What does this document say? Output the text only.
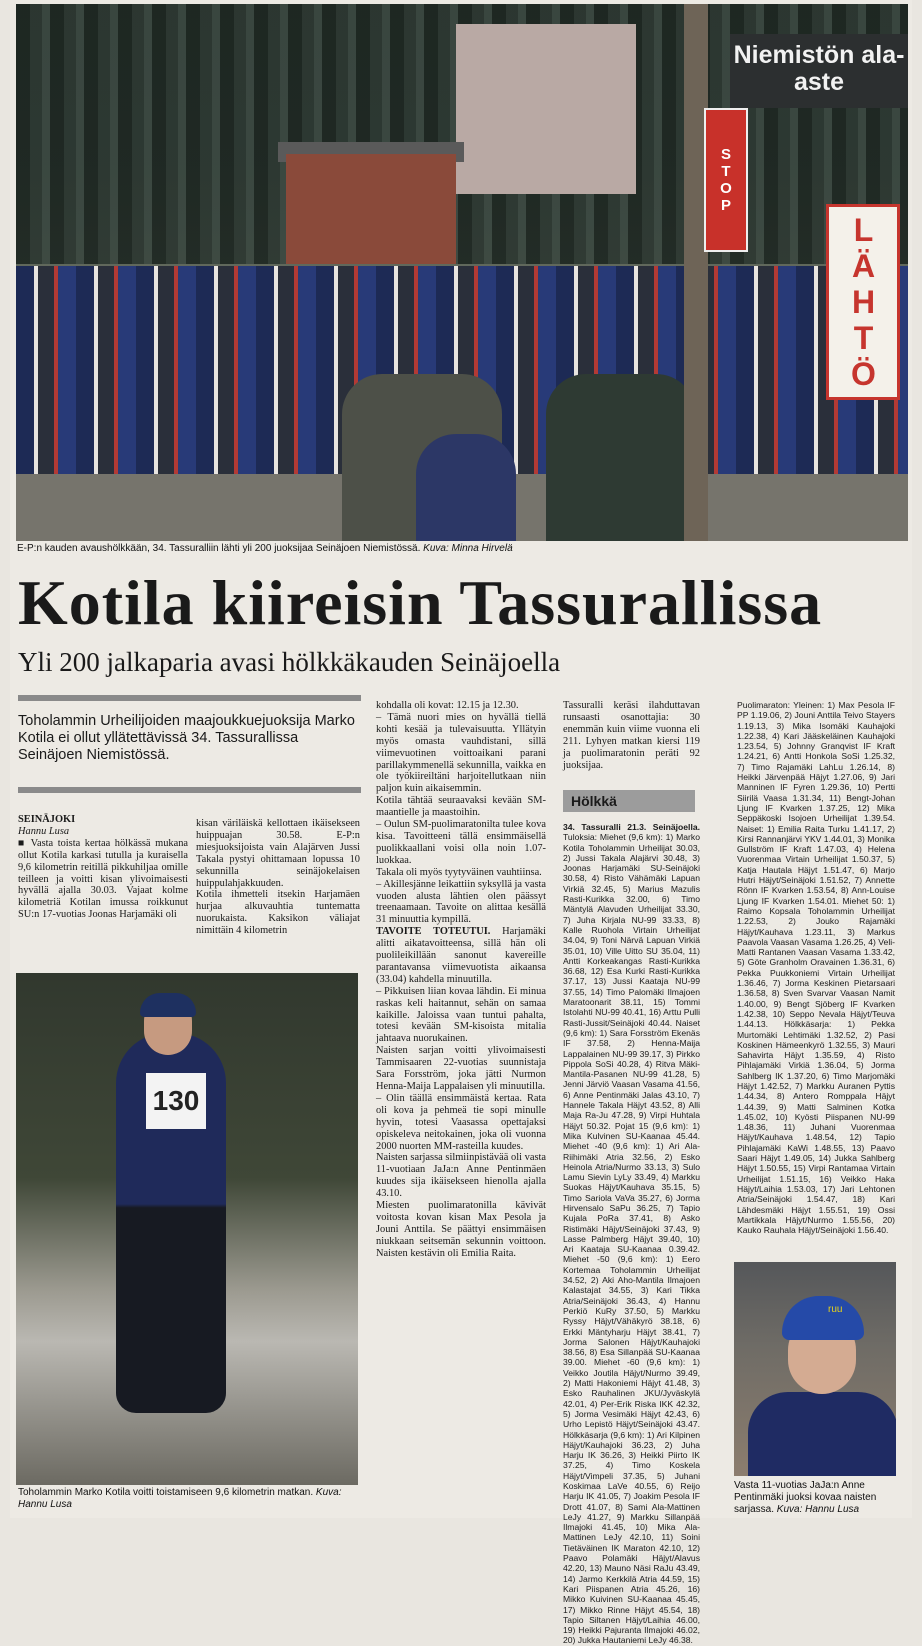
Niemistön ala-aste
STOP
LÄHTÖ
E-P:n kauden avaushölkkään, 34. Tassuralliin lähti yli 200 juoksijaa Seinäjoen Niemistössä. Kuva: Minna Hirvelä
Kotila kiireisin Tassurallissa
Yli 200 jalkaparia avasi hölkkäkauden Seinäjoella
Toholammin Urheilijoiden maajoukkuejuoksija Marko Kotila ei ollut yllätettävissä 34. Tassurallissa Seinäjoen Niemistössä.

SEINÄJOKI

Hannu Lusa

■ Vasta toista kertaa hölkässä mukana ollut Kotila karkasi tutulla ja kuraisella 9,6 kilometrin reitillä pikkuhiljaa omille teilleen ja voitti kisan ylivoimaisesti hyvällä ajalla 30.03. Vajaat kolme kilometriä Kotilan imussa roikkunut SU:n 17-vuotias Joonas Harjamäki oli

kisan väriläiskä kellottaen ikäisekseen huippuajan 30.58. E-P:n miesjuoksijoista vain Alajärven Jussi Takala pystyi ohittamaan lopussa 10 sekunnilla seinäjokelaisen huippulahjakkuuden.
Kotila ihmetteli itsekin Harjamäen hurjaa alkuvauhtia tuntematta nuorukaista. Kaksikon väliajat nimittäin 4 kilometrin
130
Toholammin Marko Kotila voitti toistamiseen 9,6 kilometrin matkan. Kuva: Hannu Lusa
kohdalla oli kovat: 12.15 ja 12.30.
– Tämä nuori mies on hyvällä tiellä kohti kesää ja tulevaisuutta. Yllätyin myös omasta vauhdistani, sillä viimevuotinen voittoaikani parani parillakymmenellä sekunnilla, vaikka en ole työkiireiltäni harjoitellutkaan niin paljon kuin aikaisemmin.
Kotila tähtää seuraavaksi kevään SM-maantielle ja maastoihin.
– Oulun SM-puolimaratonilta tulee kova kisa. Tavoitteeni tällä ensimmäisellä puolikkaallani voisi olla noin 1.07-luokkaa.
Takala oli myös tyytyväinen vauhtiinsa.
– Akillesjänne leikattiin syksyllä ja vasta vuoden alusta lähtien olen päässyt treenaamaan. Tavoite on alittaa kesällä 31 minuuttia kympillä.
TAVOITE TOTEUTUI. Harjamäki alitti aikatavoitteensa, sillä hän oli puolileikillään sanonut kavereille parantavansa viimevuotista aikaansa (33.04) kahdella minuutilla.
– Pikkuisen liian kovaa lähdin. Ei minua raskas keli haitannut, sehän on samaa kaikille. Jaloissa vaan tuntui pahalta, totesi kevään SM-kisoista mitalia jahtaava nuorukainen.
Naisten sarjan voitti ylivoimaisesti Tammisaaren 22-vuotias suunnistaja Sara Forsström, joka jätti Nurmon Henna-Maija Lappalaisen yli minuutilla.
– Olin täällä ensimmäistä kertaa. Rata oli kova ja pehmeä tie sopi minulle hyvin, totesi Vaasassa opettajaksi opiskeleva neitokainen, joka oli vuonna 2000 nuorten MM-rasteilla kuudes.
Naisten sarjassa silmiinpistävää oli vasta 11-vuotiaan JaJa:n Anne Pentinmäen kuudes sija ikäisekseen hienolla ajalla 43.10.
Miesten puolimaratonilla kävivät voitosta kovan kisan Max Pesola ja Jouni Anttila. Se päättyi ensimmäisen niukkaan seitsemän sekunnin voittoon. Naisten kestävin oli Emilia Raita.
Tassuralli keräsi ilahduttavan runsaasti osanottajia: 30 enemmän kuin viime vuonna eli 211. Lyhyen matkan kiersi 119 ja puolimaratonin peräti 92 juoksijaa.
Hölkkä
34. Tassuralli 21.3. Seinäjoella. Tuloksia: Miehet (9,6 km): 1) Marko Kotila Toholammin Urheilijat 30.03, 2) Jussi Takala Alajärvi 30.48, 3) Joonas Harjamäki SU-Seinäjoki 30.58, 4) Risto Vähämäki Lapuan Virkiä 32.45, 5) Marius Mazulis Rasti-Kurikka 32.00, 6) Timo Mäntylä Alavuden Urheilijat 33.30, 7) Juha Kirjala NU-99 33.33, 8) Kalle Ruohola Virtain Urheilijat 34.04, 9) Toni Närvä Lapuan Virkiä 35.01, 10) Ville Uitto SU 35.04, 11) Antti Korkeakangas Rasti-Kurikka 36.68, 12) Esa Kurki Rasti-Kurikka 37.17, 13) Jussi Kaataja NU-99 37.55, 14) Timo Palomäki Ilmajoen Maratoonarit 38.11, 15) Tommi Istolahti NU-99 40.41, 16) Arttu Pulli Rasti-Jussit/Seinäjoki 40.44. Naiset (9,6 km): 1) Sara Forsström Ekenäs IF 37.58, 2) Henna-Maija Lappalainen NU-99 39.17, 3) Pirkko Pippola SoSi 40.28, 4) Ritva Mäki-Mantila-Pasanen NU-99 41.28, 5) Jenni Järviö Vaasan Vasama 41.56, 6) Anne Pentinmäki Jalas 43.10, 7) Hannele Takala Häjyt 43.52, 8) Alli Maja Ra-Ju 47.28, 9) Virpi Huhtala Häjyt 50.32. Pojat 15 (9,6 km): 1) Mika Kulvinen SU-Kaanaa 45.44. Miehet -40 (9,6 km): 1) Ari Ala-Riihimäki Atria 32.56, 2) Esko Heinola Atria/Nurmo 33.13, 3) Sulo Lamu Sievin LyLy 33.49, 4) Markku Suokas Häjyt/Kauhava 35.15, 5) Timo Sariola VaVa 35.27, 6) Jorma Hirvensalo SaPu 36.25, 7) Tapio Kujala PoRa 37.41, 8) Asko Ristimäki Häjyt/Seinäjoki 37.43, 9) Lasse Palmberg Häjyt 39.40, 10) Ari Kaataja SU-Kaanaa 0.39.42. Miehet -50 (9,6 km): 1) Eero Kortemaa Toholammin Urheilijat 34.52, 2) Aki Aho-Mantila Ilmajoen Kalastajat 34.55, 3) Kari Tikka Atria/Seinäjoki 36.43, 4) Hannu Perkiö KuRy 37.50, 5) Markku Ryssy Häjyt/Vähäkyrö 38.18, 6) Erkki Mäntyharju Häjyt 38.41, 7) Jorma Salonen Häjyt/Kauhajoki 38.56, 8) Esa Sillanpää SU-Kaanaa 39.00. Miehet -60 (9,6 km): 1) Veikko Joutila Häjyt/Nurmo 39.49, 2) Matti Hakoniemi Häjyt 41.48, 3) Esko Rauhalinen JKU/Jyväskylä 42.01, 4) Per-Erik Riska IKK 42.32, 5) Jorma Vesimäki Häjyt 42.43, 6) Urho Lepistö Häjyt/Seinäjoki 43.47. Hölkkäsarja (9,6 km): 1) Ari Kilpinen Häjyt/Kauhajoki 36.23, 2) Juha Harju IK 36.26, 3) Heikki Piirto IK 37.25, 4) Timo Koskela Häjyt/Vimpeli 37.35, 5) Juhani Koskimaa LaVe 40.55, 6) Reijo Harju IK 41.05, 7) Joakim Pesola IF Drott 41.07, 8) Sami Ala-Mattinen LeJy 41.27, 9) Markku Sillanpää Ilmajoki 41.45, 10) Mika Ala-Mattinen LeJy 42.10, 11) Soini Tietäväinen IK Maraton 42.10, 12) Paavo Polamäki Häjyt/Alavus 42.20, 13) Mauno Näsi RaJu 43.49, 14) Jarmo Kerkkilä Atria 44.59, 15) Kari Piispanen Atria 45.26, 16) Mikko Kuivinen SU-Kaanaa 45.45, 17) Mikko Rinne Häjyt 45.54, 18) Tapio Siltanen Häjyt/Laihia 46.00, 19) Heikki Pajuranta Ilmajoki 46.02, 20) Jukka Hautaniemi LeJy 46.38.
Puolimaraton: Yleinen: 1) Max Pesola IF PP 1.19.06, 2) Jouni Anttila Teivo Stayers 1.19.13, 3) Mika Isomäki Kauhajoki 1.22.38, 4) Kari Jääskeläinen Kauhajoki 1.23.54, 5) Johnny Granqvist IF Kraft 1.24.21, 6) Antti Honkola SoSi 1.25.32, 7) Timo Rajamäki LahLu 1.26.14, 8) Heikki Järvenpää Häjyt 1.27.06, 9) Jari Manninen IF Fyren 1.29.36, 10) Pertti Siirilä Vaasa 1.31.34, 11) Bengt-Johan Ljung IF Kvarken 1.37.25, 12) Mika Seppäkoski Isojoen Urheilijat 1.39.54. Naiset: 1) Emilia Raita Turku 1.41.17, 2) Kirsi Rannanjärvi YKV 1.44.01, 3) Monika Gullström IF Kraft 1.47.03, 4) Helena Vuorenmaa Virtain Urheilijat 1.50.37, 5) Katja Hautala Häjyt 1.51.47, 6) Marjo Hutri Häjyt/Seinäjoki 1.51.52, 7) Annette Rönn IF Kvarken 1.53.54, 8) Ann-Louise Ljung IF Kvarken 1.54.01. Miehet 50: 1) Raimo Kopsala Toholammin Urheilijat 1.22.53, 2) Jouko Rajamäki Häjyt/Kauhava 1.23.11, 3) Markus Paavola Vaasan Vasama 1.26.25, 4) Veli-Matti Rantanen Vaasan Vasama 1.33.42, 5) Göte Granholm Oravainen 1.36.31, 6) Pekka Puukkoniemi Virtain Urheilijat 1.36.46, 7) Jorma Keskinen Pietarsaari 1.36.58, 8) Sven Svarvar Vaasan Namit 1.40.00, 9) Bengt Sjöberg IF Kvarken 1.42.38, 10) Seppo Nevala Häjyt/Teuva 1.44.13. Hölkkäsarja: 1) Pekka Murtomäki Lehtimäki 1.32.52, 2) Pasi Koskinen Hämeenkyrö 1.32.55, 3) Mauri Sahavirta Häjyt 1.35.59, 4) Risto Pihlajamäki Virkiä 1.36.04, 5) Jorma Sahlberg IK 1.37.20, 6) Timo Marjomäki Häjyt 1.42.52, 7) Markku Auranen Pyttis 1.44.34, 8) Antero Romppala Häjyt 1.44.39, 9) Matti Salminen Kotka 1.45.02, 10) Kyösti Piispanen NU-99 1.48.36, 11) Juhani Vuorenmaa Häjyt/Kauhava 1.48.54, 12) Tapio Pihlajamäki KaWi 1.48.55, 13) Paavo Saari Häjyt 1.49.05, 14) Jukka Sahlberg Häjyt 1.50.55, 15) Virpi Rantamaa Virtain Urheilijat 1.51.15, 16) Veikko Haka Häjyt/Laihia 1.53.03, 17) Jari Lehtonen Atria/Seinäjoki 1.54.47, 18) Kari Lähdesmäki Häjyt 1.55.51, 19) Ossi Martikkala Häjyt/Nurmo 1.55.56, 20) Kauko Rauhala Häjyt/Seinäjoki 1.56.40.
ruu
Vasta 11-vuotias JaJa:n Anne Pentinmäki juoksi kovaa naisten sarjassa. Kuva: Hannu Lusa
